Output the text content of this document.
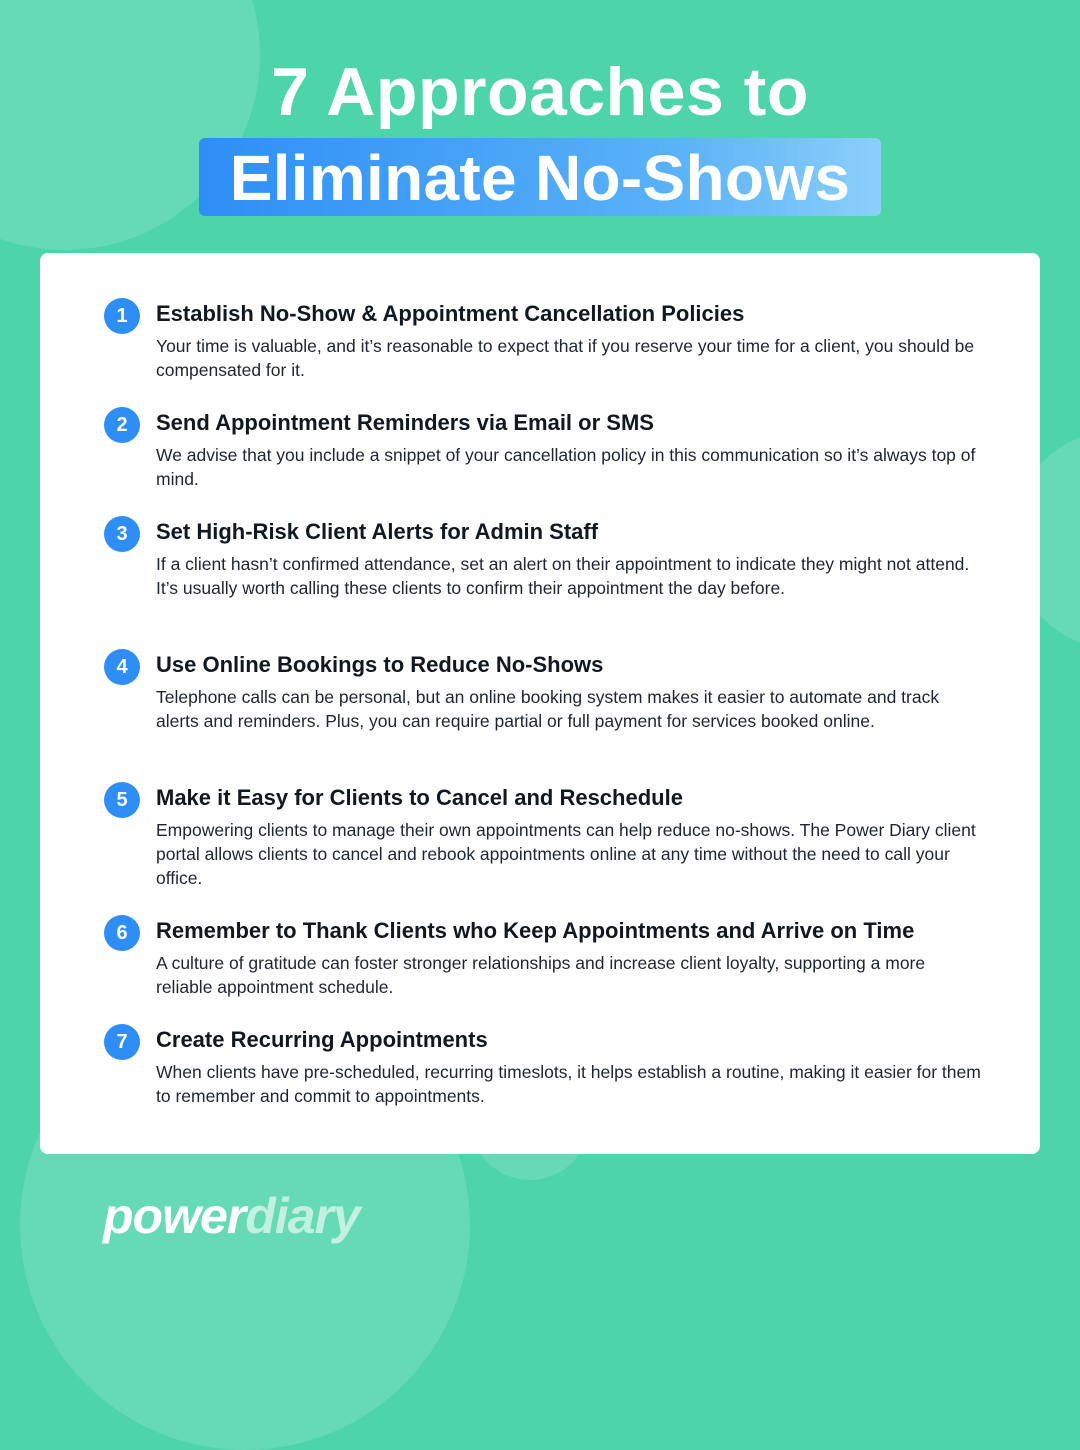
7 Approaches to
Eliminate No-Shows
1	Establish No-Show & Appointment Cancellation Policies

Your time is valuable, and it’s reasonable to expect that if you reserve your time for a client, you should be compensated for it.

2	Send Appointment Reminders via Email or SMS

We advise that you include a snippet of your cancellation policy in this communication so it’s always top of mind.

3	Set High-Risk Client Alerts for Admin Staff

If a client hasn’t confirmed attendance, set an alert on their appointment to indicate they might not attend. It’s usually worth calling these clients to confirm their appointment the day before.

4	Use Online Bookings to Reduce No-Shows

Telephone calls can be personal, but an online booking system makes it easier to automate and track alerts and reminders. Plus, you can require partial or full payment for services booked online.

5	Make it Easy for Clients to Cancel and Reschedule

Empowering clients to manage their own appointments can help reduce no-shows. The Power Diary client portal allows clients to cancel and rebook appointments online at any time without the need to call your office.

6	Remember to Thank Clients who Keep Appointments and Arrive on Time

A culture of gratitude can foster stronger relationships and increase client loyalty, supporting a more reliable appointment schedule.

7	Create Recurring Appointments

When clients have pre-scheduled, recurring timeslots, it helps establish a routine, making it easier for them to remember and commit to appointments.

powerdiary
